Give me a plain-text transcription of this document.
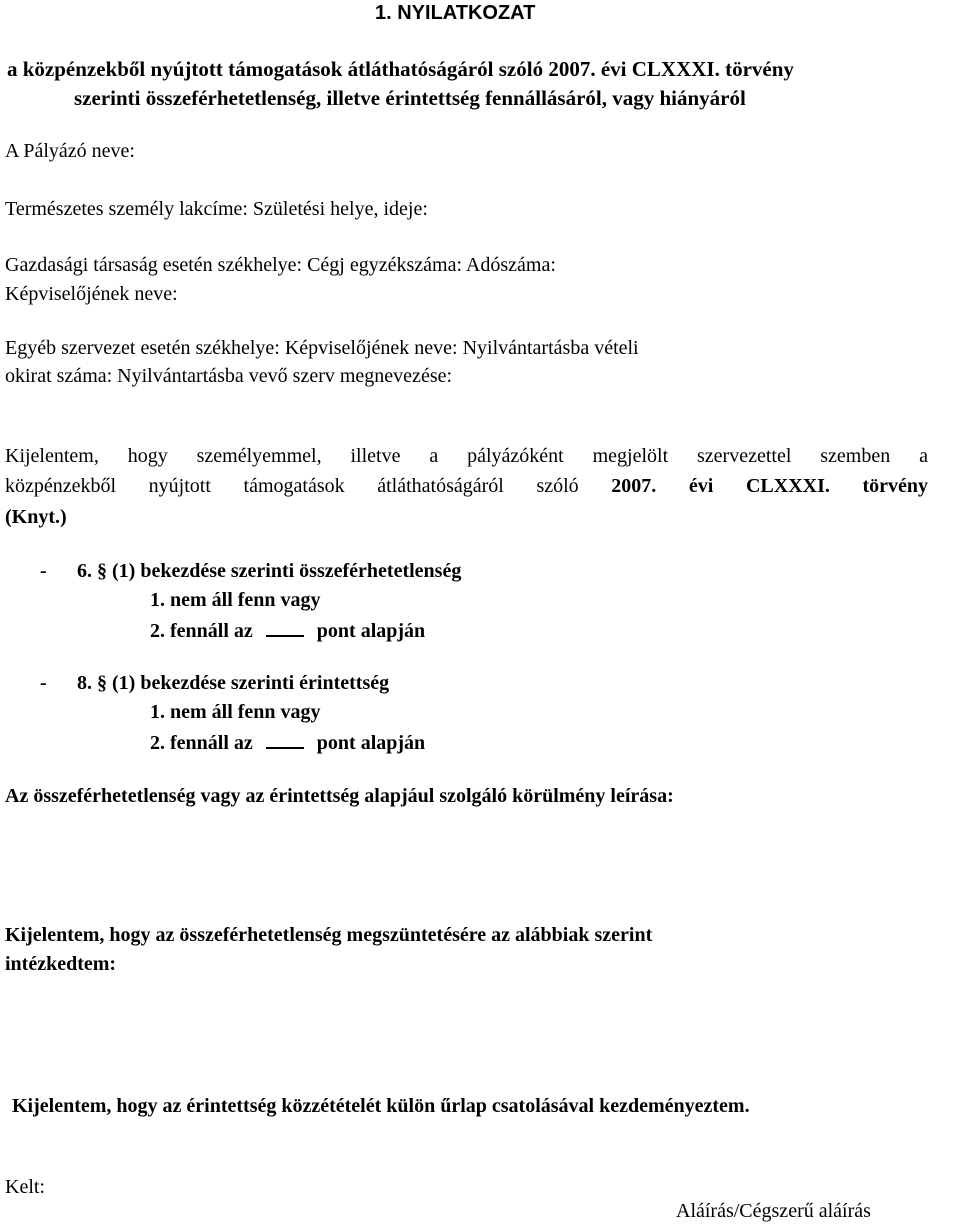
1. NYILATKOZAT
a közpénzekből nyújtott támogatások átláthatóságáról szóló 2007. évi CLXXXI. törvény
szerinti összeférhetetlenség, illetve érintettség fennállásáról, vagy hiányáról
A Pályázó neve:
Természetes személy lakcíme: Születési helye, ideje:
Gazdasági társaság esetén székhelye: Cégj egyzékszáma: Adószáma:
Képviselőjének neve:
Egyéb szervezet esetén székhelye: Képviselőjének neve: Nyilvántartásba vételi
okirat száma: Nyilvántartásba vevő szerv megnevezése:
Kijelentem, hogy személyemmel, illetve a pályázóként megjelölt szervezettel szemben a
közpénzekből nyújtott támogatások átláthatóságáról szóló 2007. évi CLXXXI. törvény
(Knyt.)
- 6. § (1) bekezdése szerinti összeférhetetlenség
1. nem áll fenn vagy
2. fennáll az	pont alapján
- 8. § (1) bekezdése szerinti érintettség
1. nem áll fenn vagy
2. fennáll az	pont alapján
Az összeférhetetlenség vagy az érintettség alapjául szolgáló körülmény leírása:
Kijelentem, hogy az összeférhetetlenség megszüntetésére az alábbiak szerint
intézkedtem:
Kijelentem, hogy az érintettség közzétételét külön űrlap csatolásával kezdeményeztem.
Kelt:
Aláírás/Cégszerű aláírás
